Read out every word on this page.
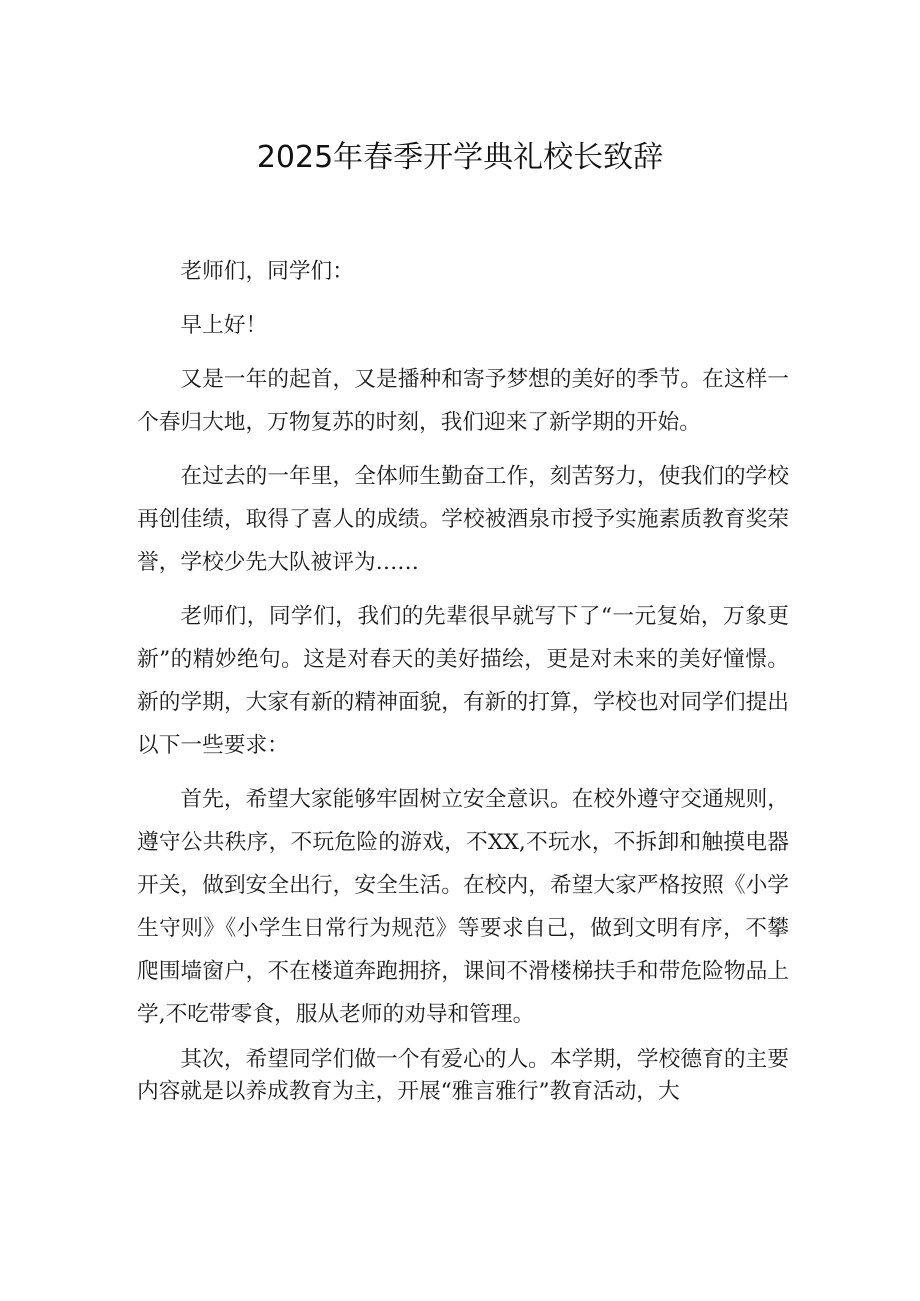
2025年春季开学典礼校长致辞

老师们，同学们：

早上好！

又是一年的起首，又是播种和寄予梦想的美好的季节。在这样一个春归大地，万物复苏的时刻，我们迎来了新学期的开始。

在过去的一年里，全体师生勤奋工作，刻苦努力，使我们的学校再创佳绩，取得了喜人的成绩。学校被酒泉市授予实施素质教育奖荣誉，学校少先大队被评为……

老师们，同学们，我们的先辈很早就写下了“一元复始，万象更新”的精妙绝句。这是对春天的美好描绘，更是对未来的美好憧憬。新的学期，大家有新的精神面貌，有新的打算，学校也对同学们提出以下一些要求：

首先，希望大家能够牢固树立安全意识。在校外遵守交通规则，遵守公共秩序，不玩危险的游戏，不XX,不玩水，不拆卸和触摸电器开关，做到安全出行，安全生活。在校内，希望大家严格按照《小学生守则》《小学生日常行为规范》等要求自己，做到文明有序，不攀爬围墙窗户，不在楼道奔跑拥挤，课间不滑楼梯扶手和带危险物品上学,不吃带零食，服从老师的劝导和管理。

其次，希望同学们做一个有爱心的人。本学期，学校德育的主要内容就是以养成教育为主，开展“雅言雅行”教育活动，大
